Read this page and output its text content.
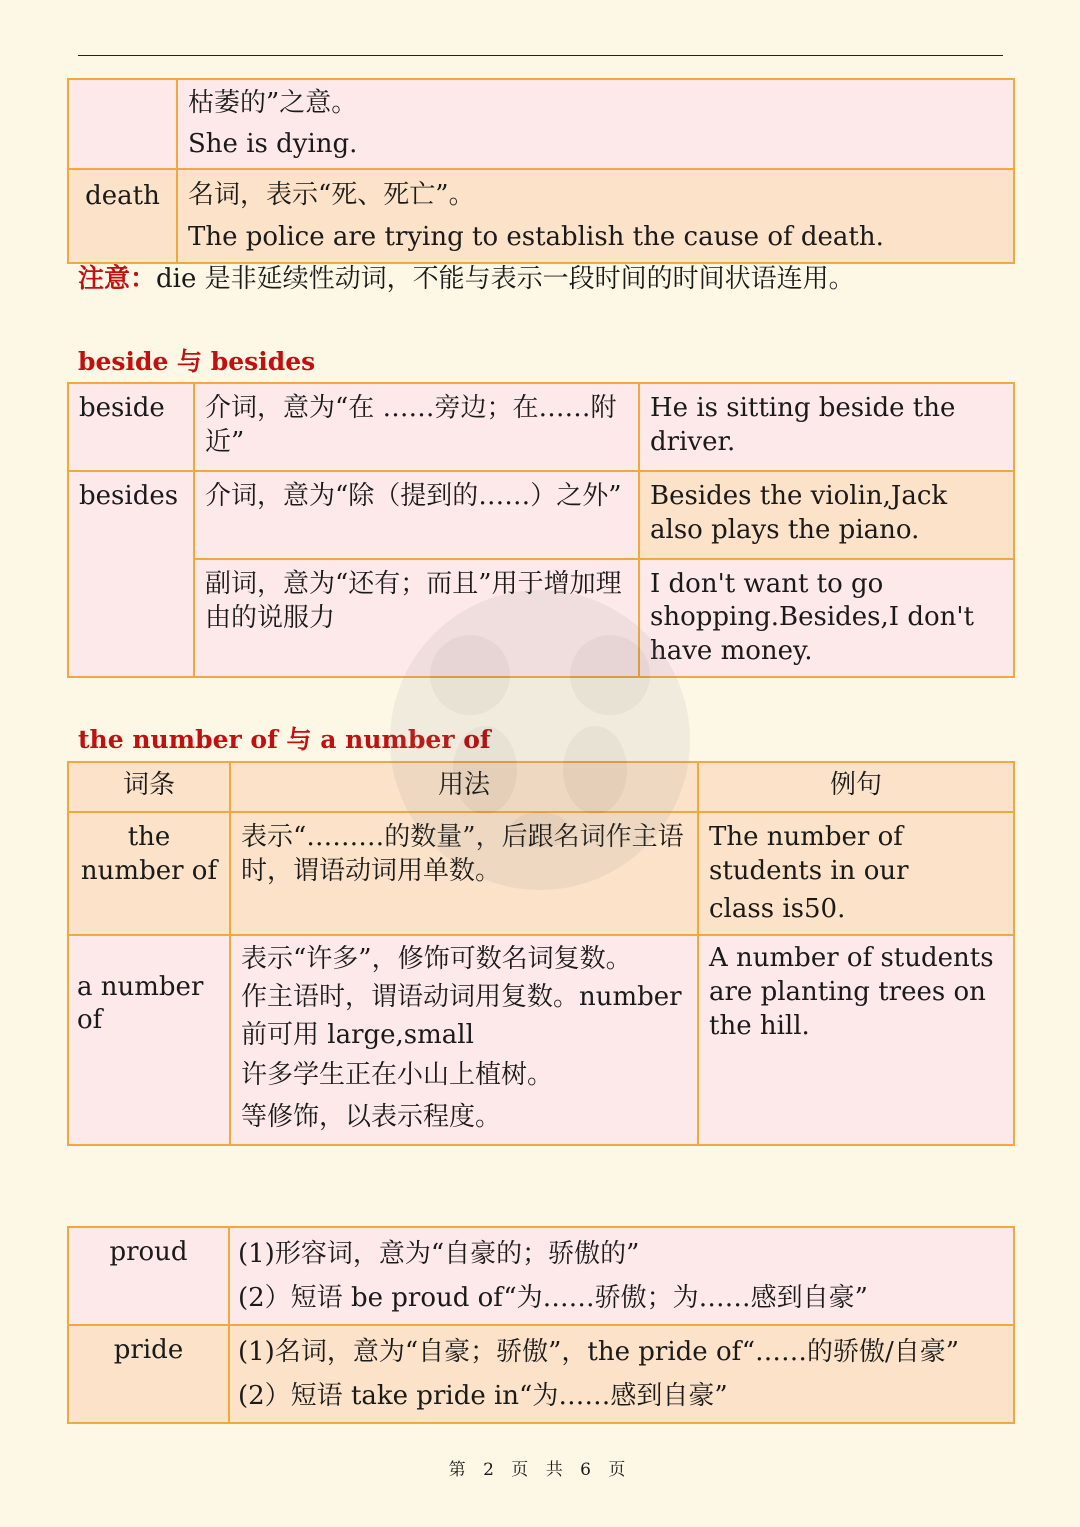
	枯萎的”之意。
She is dying.

death	名词，表示“死、死亡”。
The police are trying to establish the cause of death.
注意：die 是非延续性动词，不能与表示一段时间的时间状语连用。
beside 与 besides
beside	介词，意为“在 ……旁边；在……附近”	He is sitting beside the driver.
besides	介词，意为“除（提到的……）之外”	Besides the violin,Jack also plays the piano.
	副词，意为“还有；而且”用于增加理由的说服力	I don't want to go shopping.Besides,I don't have money.
the number of 与 a number of
词条	用法	例句
the number of	表示“………的数量”，后跟名词作主语时，谓语动词用单数。	The number of students in our
class is50.

a number of	表示“许多”，修饰可数名词复数。
作主语时，谓语动词用复数。number
前可用 large,small
许多学生正在小山上植树。
等修饰，以表示程度。	A number of students are planting trees on the hill.
proud	(1)形容词，意为“自豪的；骄傲的”
(2）短语 be proud of“为……骄傲；为……感到自豪”

pride	(1)名词，意为“自豪；骄傲”，the pride of“……的骄傲/自豪”
(2）短语 take pride in“为……感到自豪”
第 2 页 共 6 页
